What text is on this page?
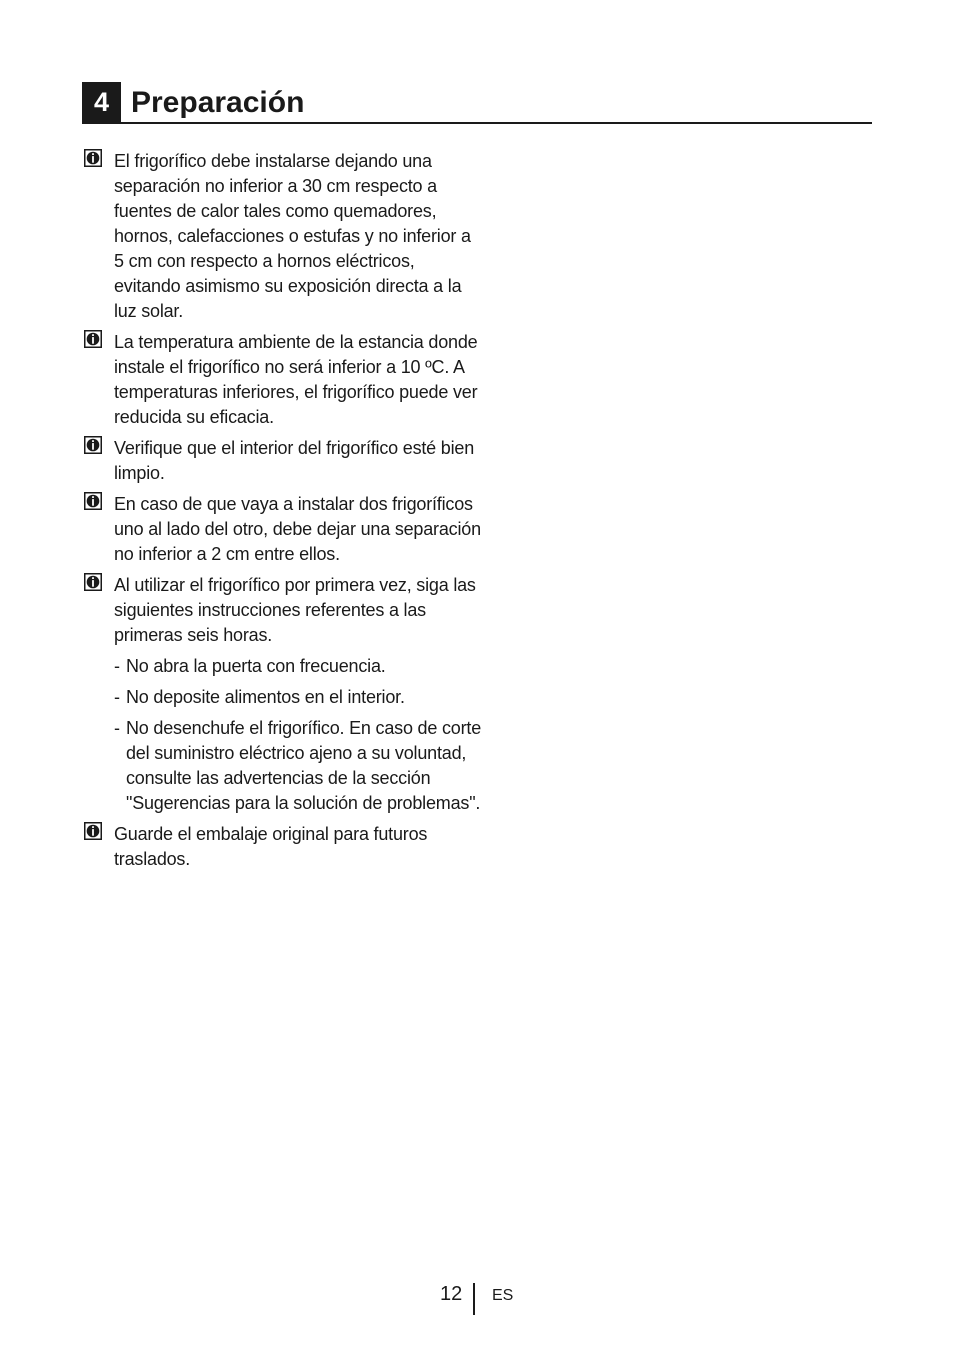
4 Preparación
El frigorífico debe instalarse dejando una separación no inferior a 30 cm respecto a fuentes de calor tales como quemadores, hornos, calefacciones o estufas y no inferior a 5 cm con respecto a hornos eléctricos, evitando asimismo su exposición directa a la luz solar.
La temperatura ambiente de la estancia donde instale el frigorífico no será inferior a 10 ºC. A temperaturas inferiores, el frigorífico puede ver reducida su eficacia.
Verifique que el interior del frigorífico esté bien limpio.
En caso de que vaya a instalar dos frigoríficos uno al lado del otro, debe dejar una separación no inferior a 2 cm entre ellos.
Al utilizar el frigorífico por primera vez, siga las siguientes instrucciones referentes a las primeras seis horas.
- No abra la puerta con frecuencia.
- No deposite alimentos en el interior.
- No desenchufe el frigorífico. En caso de corte del suministro eléctrico ajeno a su voluntad, consulte las advertencias de la sección "Sugerencias para la solución de problemas".
Guarde el embalaje original para futuros traslados.
12 ES
